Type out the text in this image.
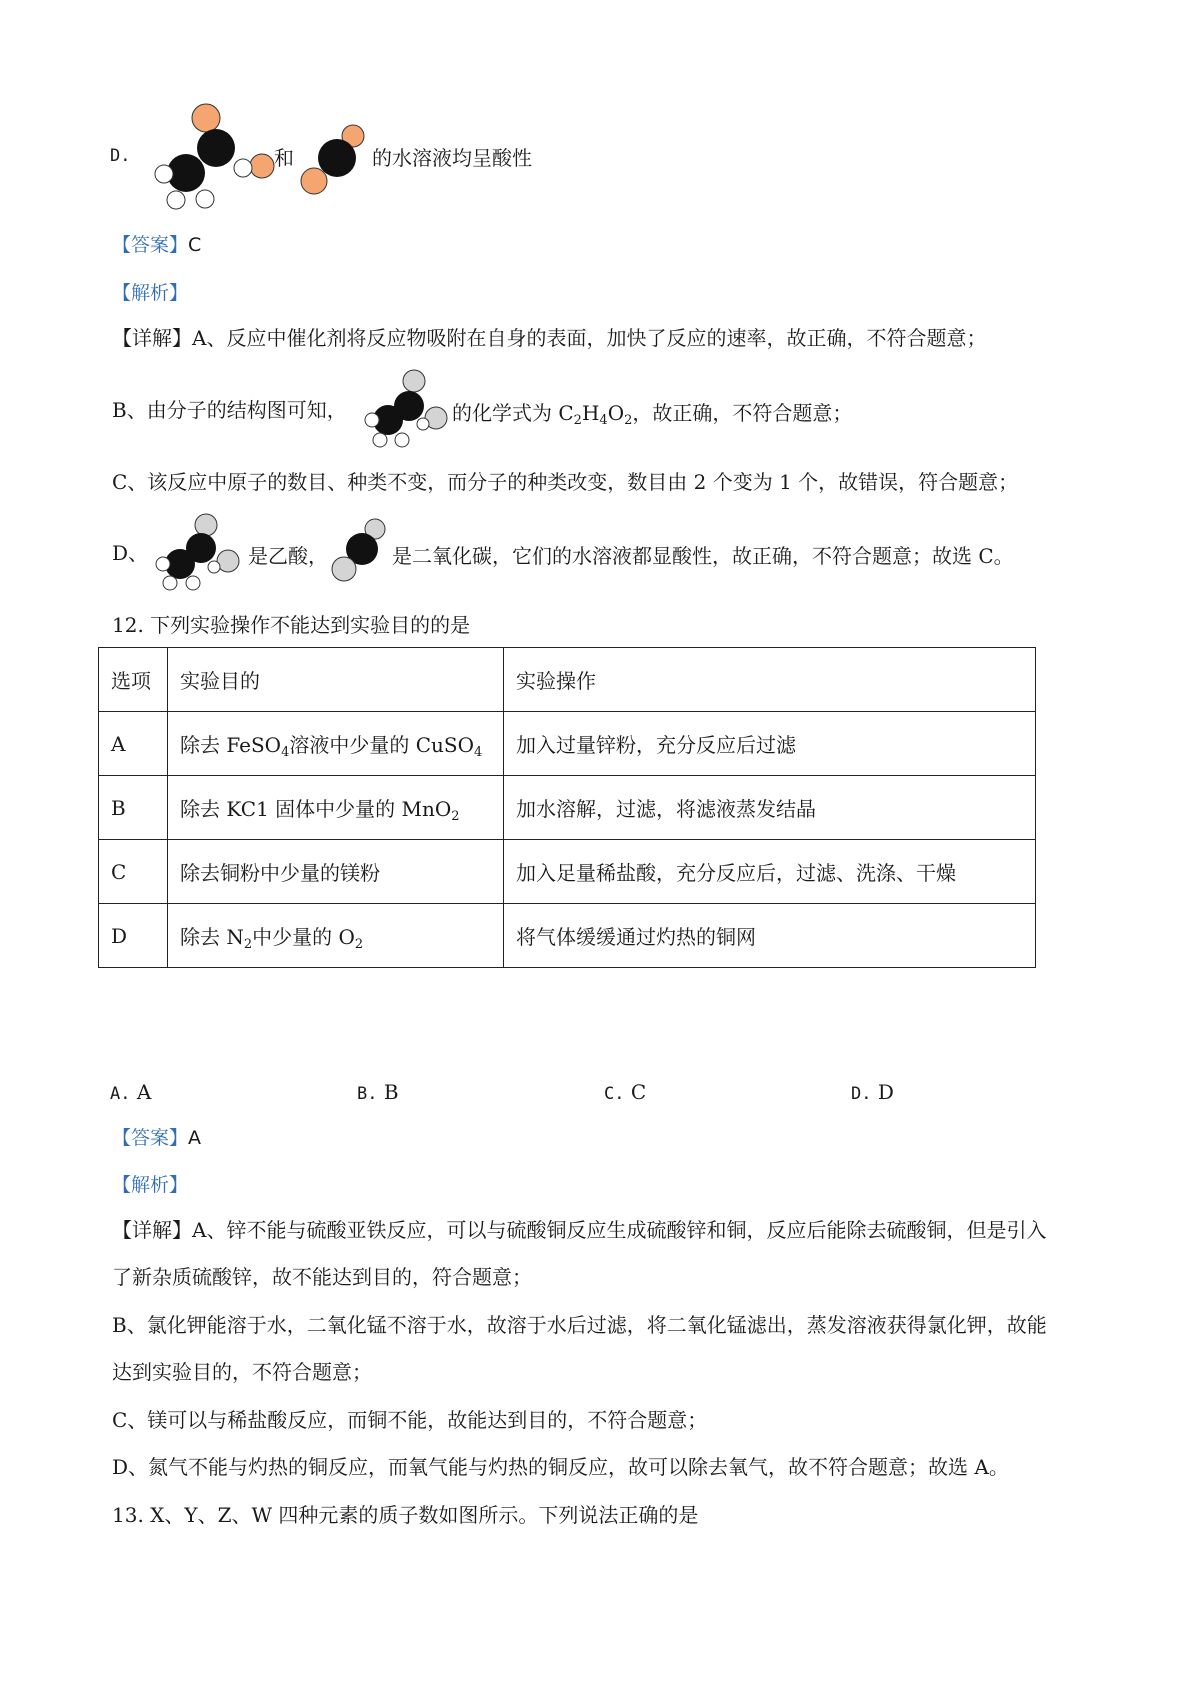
D.	和	的水溶液均呈酸性
【答案】C
【解析】
【详解】A、反应中催化剂将反应物吸附在自身的表面，加快了反应的速率，故正确，不符合题意；
B、由分子的结构图可知，	的化学式为 $C_2H_4O_2$，故正确，不符合题意；
C、该反应中原子的数目、种类不变，而分子的种类改变，数目由 2 个变为 1 个，故错误，符合题意；
D、	是乙酸，	是二氧化碳，它们的水溶液都显酸性，故正确，不符合题意；故选 C。
12. 下列实验操作不能达到实验目的的是
选项	实验目的	实验操作
A	除去 FeSO$_4$溶液中少量的 CuSO$_4$	加入过量锌粉，充分反应后过滤
B	除去 KC1 固体中少量的 MnO$_2$	加水溶解，过滤，将滤液蒸发结晶
C	除去铜粉中少量的镁粉	加入足量稀盐酸，充分反应后，过滤、洗涤、干燥
D	除去 $N_2$中少量的 $O_2$	将气体缓缓通过灼热的铜网
A. A	B. B	C. C	D. D
【答案】A
【解析】
【详解】A、锌不能与硫酸亚铁反应，可以与硫酸铜反应生成硫酸锌和铜，反应后能除去硫酸铜，但是引入
了新杂质硫酸锌，故不能达到目的，符合题意；
B、氯化钾能溶于水，二氧化锰不溶于水，故溶于水后过滤，将二氧化锰滤出，蒸发溶液获得氯化钾，故能
达到实验目的，不符合题意；
C、镁可以与稀盐酸反应，而铜不能，故能达到目的，不符合题意；
D、氮气不能与灼热的铜反应，而氧气能与灼热的铜反应，故可以除去氧气，故不符合题意；故选 A。
13. X、Y、Z、W 四种元素的质子数如图所示。下列说法正确的是
